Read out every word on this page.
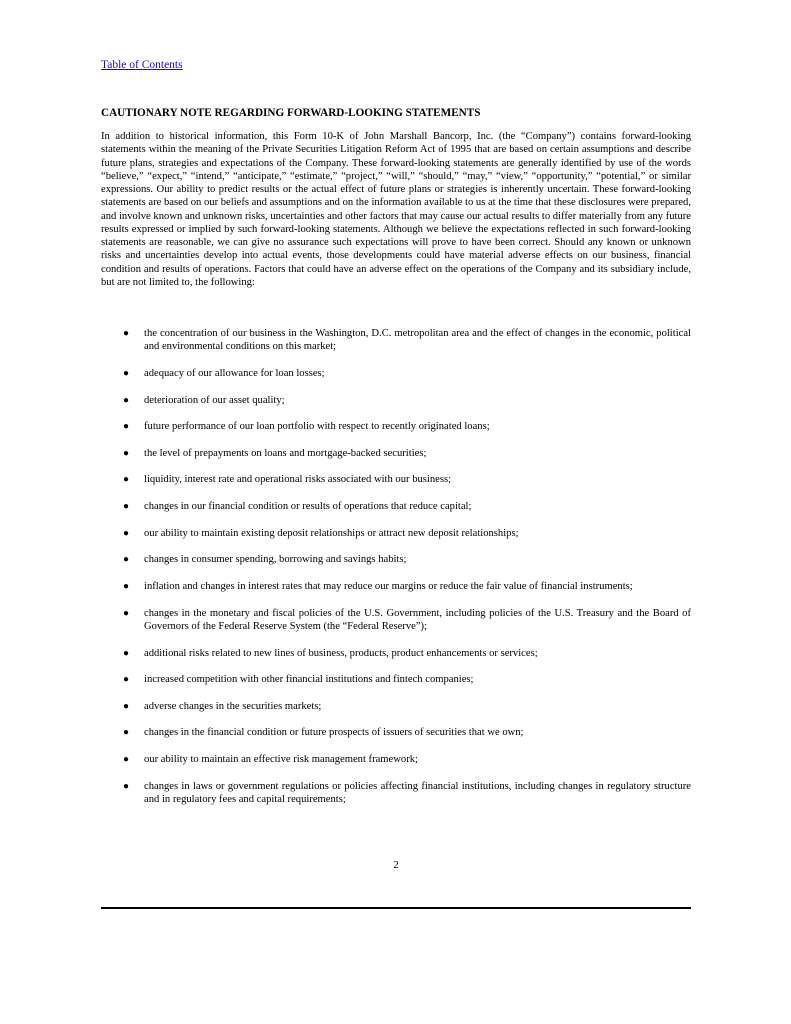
Table of Contents
CAUTIONARY NOTE REGARDING FORWARD-LOOKING STATEMENTS

In addition to historical information, this Form 10-K of John Marshall Bancorp, Inc. (the “Company”) contains forward-looking statements within the meaning of the Private Securities Litigation Reform Act of 1995 that are based on certain assumptions and describe future plans, strategies and expectations of the Company. These forward-looking statements are generally identified by use of the words “believe,” “expect,” “intend,” “anticipate,” “estimate,” “project,” “will,” “should,” “may,” “view,” “opportunity,” “potential,” or similar expressions. Our ability to predict results or the actual effect of future plans or strategies is inherently uncertain. These forward-looking statements are based on our beliefs and assumptions and on the information available to us at the time that these disclosures were prepared, and involve known and unknown risks, uncertainties and other factors that may cause our actual results to differ materially from any future results expressed or implied by such forward-looking statements. Although we believe the expectations reflected in such forward-looking statements are reasonable, we can give no assurance such expectations will prove to have been correct. Should any known or unknown risks and uncertainties develop into actual events, those developments could have material adverse effects on our business, financial condition and results of operations. Factors that could have an adverse effect on the operations of the Company and its subsidiary include, but are not limited to, the following:

● the concentration of our business in the Washington, D.C. metropolitan area and the effect of changes in the economic, political and environmental conditions on this market;
● adequacy of our allowance for loan losses;
● deterioration of our asset quality;
● future performance of our loan portfolio with respect to recently originated loans;
● the level of prepayments on loans and mortgage-backed securities;
● liquidity, interest rate and operational risks associated with our business;
● changes in our financial condition or results of operations that reduce capital;
● our ability to maintain existing deposit relationships or attract new deposit relationships;
● changes in consumer spending, borrowing and savings habits;
● inflation and changes in interest rates that may reduce our margins or reduce the fair value of financial instruments;
● changes in the monetary and fiscal policies of the U.S. Government, including policies of the U.S. Treasury and the Board of Governors of the Federal Reserve System (the “Federal Reserve”);
● additional risks related to new lines of business, products, product enhancements or services;
● increased competition with other financial institutions and fintech companies;
● adverse changes in the securities markets;
● changes in the financial condition or future prospects of issuers of securities that we own;
● our ability to maintain an effective risk management framework;
● changes in laws or government regulations or policies affecting financial institutions, including changes in regulatory structure and in regulatory fees and capital requirements;
2
